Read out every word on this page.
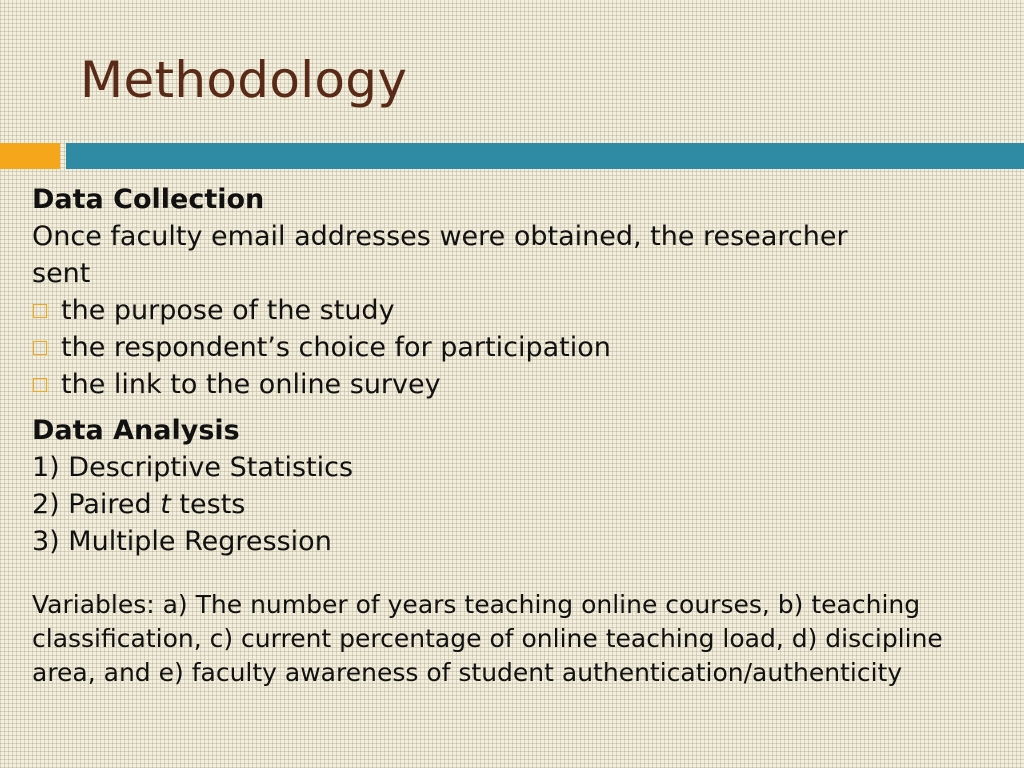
Methodology
Data Collection
Once faculty email addresses were obtained, the researcher
sent
the purpose of the study
the respondent’s choice for participation
the link to the online survey
Data Analysis
1) Descriptive Statistics
2) Paired t tests
3) Multiple Regression
Variables: a) The number of years teaching online courses, b) teaching classification, c) current percentage of online teaching load, d) discipline area, and e) faculty awareness of student authentication/authenticity
